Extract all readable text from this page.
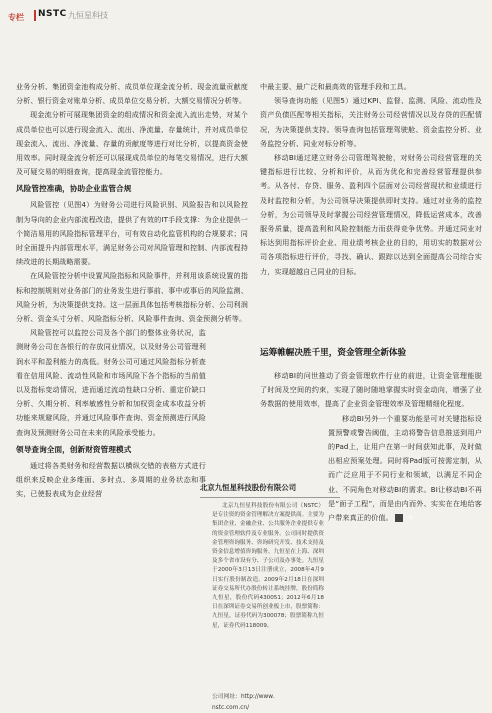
专栏 NSTC 九恒星科技

业务分析、集团资金池构成分析、成员单位现金流分析、现金流量贡献度分析、银行资金对账单分析、成员单位交易分析、大额交易情况分析等。

现金流分析可展现集团资金的组成情况和资金流入流出走势，对某个成员单位也可以进行现金流入、流出、净流量、存量统计，并对成员单位现金流入、流出、净流量、存量的贡献度等进行对比分析，以提高资金使用效率。同时现金流分析还可以展现成员单位的每笔交易情况，进行大额及可疑交易的明细查询，提高现金流管控能力。

风险管控准确，协助企业监管合规

风险管控（见图4）为财务公司进行风险识别、风险报告和以风险控制为导向的企业内部流程改造，提供了有效的IT手段支撑：为企业提供一个简洁易用的风险指标管理平台，可有效自动化监管机构的合规要求；同时全面提升内部管理水平，满足财务公司对风险管理和控制、内部流程持续改进的长期战略需要。

在风险管控分析中设置风险指标和风险事件，并利用该系统设置的指标和控制规则对业务部门的业务发生进行事前、事中或事后的风险监测、风险分析，为决策提供支持。这一层面具体包括考核指标分析、公司利润分析、资金头寸分析、风险指标分析、风险事件查询、资金预测分析等。

风险管控可以监控公司及各个部门的整体业务状况，监测财务公司在各银行的存放同业情况，以及财务公司管理利润水平和盈利能力的高低。财务公司可通过风险指标分析查看在信用风险、流动性风险和市场风险下各个指标的当前值以及指标变动情况，进而通过流动性缺口分析、重定价缺口分析、久期分析、利率敏感性分析和加权资金成本收益分析功能来规避风险，并通过风险事件查询、资金预测进行风险查询及预测财务公司在未来的风险承受能力。

领导查询全面，创新财资管理模式

通过将各类财务和经营数据以横纵交错的表格方式进行组织来反映企业多维面、多时点、多周期的业务状态和事实，已使报表成为企业经营

中最主要、最广泛和最高效的管理手段和工具。

领导查询功能（见图5）通过KPI、监督、监测、风险、流动性及资产负债匹配等相关指标，关注财务公司经营情况以及存贷的匹配情况，为决策提供支持。领导查询包括管理驾驶舱、资金监控分析、业务监控分析、同业对标分析等。

移动BI通过建立财务公司管理驾驶舱，对财务公司经营管理的关键指标进行比较、分析和评价，从而为优化和完善经营管理提供参考。从各付、存贷、服务、盈利四个层面对公司经营现状和业绩进行及时监控和分析，为公司领导决策提供即时支持。通过对业务的监控分析，为公司领导及时掌握公司经营管理情况，降低运营成本，改善服务质量，提高盈利和风险控制能力而获得竞争优势。并通过同业对标达到用指标评价企业、用业绩考核企业的目的，用切实的数据对公司各项指标进行评价，寻找、确认、跟踪以达到全面提高公司综合实力，实现超越自己同业的目标。

运筹帷幄决胜千里，资金管理全新体验

移动BI的问世推动了资金管理软件行业的前进，让资金管理能脱了时间及空间的约束，实现了随时随地掌握实时资金动向，增强了业务数据的使用效率，提高了企业资金管理效率及管理精细化程度。

移动BI另外一个重要功能是可对关键指标设置预警或警告阈值，主动将警告信息推送到用户的Pad上，让用户在第一时间获知此事，及时做出相应预案处理。同时将Pad版可按需定制，从而广泛应用于不同行业和领域，以满足不同企业、不同角色对移动BI的需求。BI让移动BI不再是“面子工程”，而是由内而外、实实在在地给客户带来真正的价值。	N

北京九恒星科技股份有限公司
北京九恒星科技股份有限公司（NSTC）是专注资的资金管理解决方案提供商。主要为集团企业、金融企业、公共服务企业提供专业的资金管理软件及专业服务。公司同时提供资金管理咨询服务、咨询研究开发、技术支持及资金信息增值咨询服务。九恒星在上海、深圳及多个省市设有分、子公司及办事处。九恒星于2000年3月13日注册成立，2008年4月9日实行股份制改造。2009年2月18日在深圳证券交易所代办股份转让系统挂牌，股份简称九恒星，股份代码430051；2012年6月18日在深圳证券交易所创业板上市，股票简称：九恒星，证券代码为300078；股票简称九恒星，证券代码118009。
公司网址：http://www.
nstc.com.cn/
